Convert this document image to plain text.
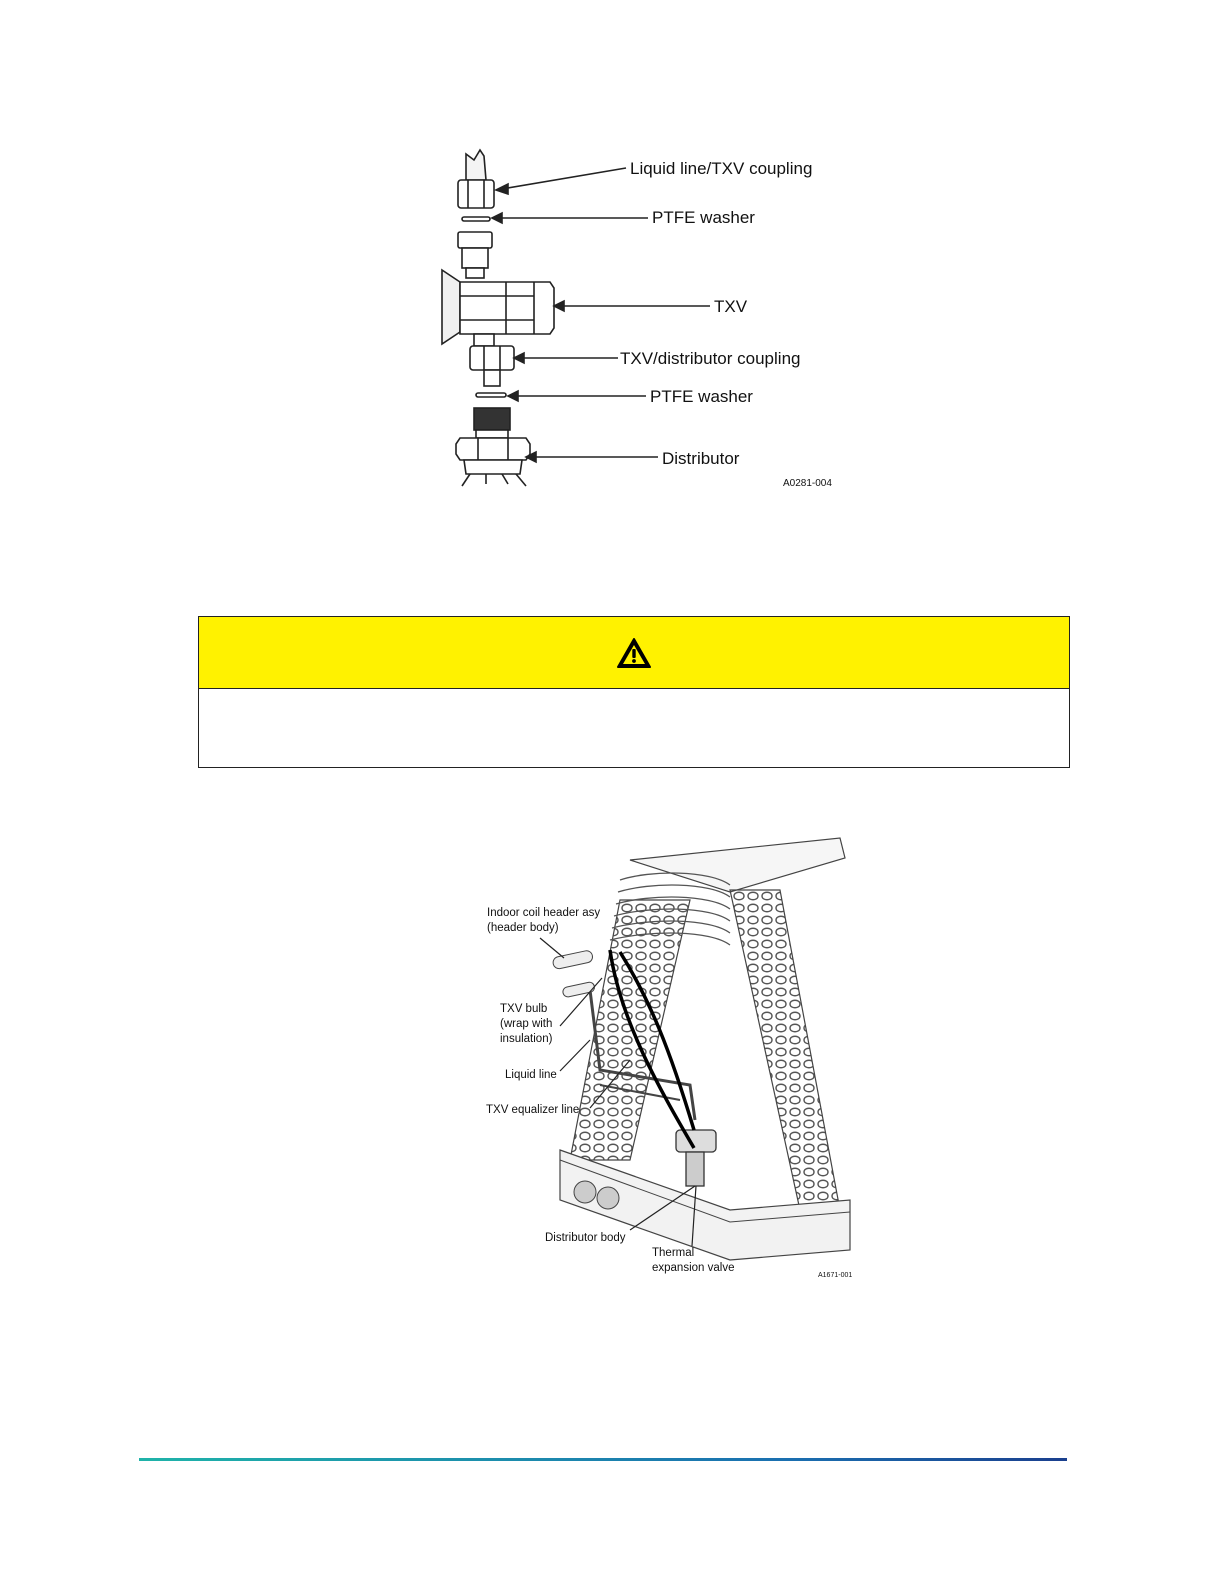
Liquid line/TXV coupling
PTFE washer
TXV
TXV/distributor coupling
PTFE washer
Distributor
A0281-004
Indoor coil header asy
(header body)
TXV bulb
(wrap with
insulation)
Liquid line
TXV equalizer line
Distributor body
Thermal
expansion valve
A1671-001
